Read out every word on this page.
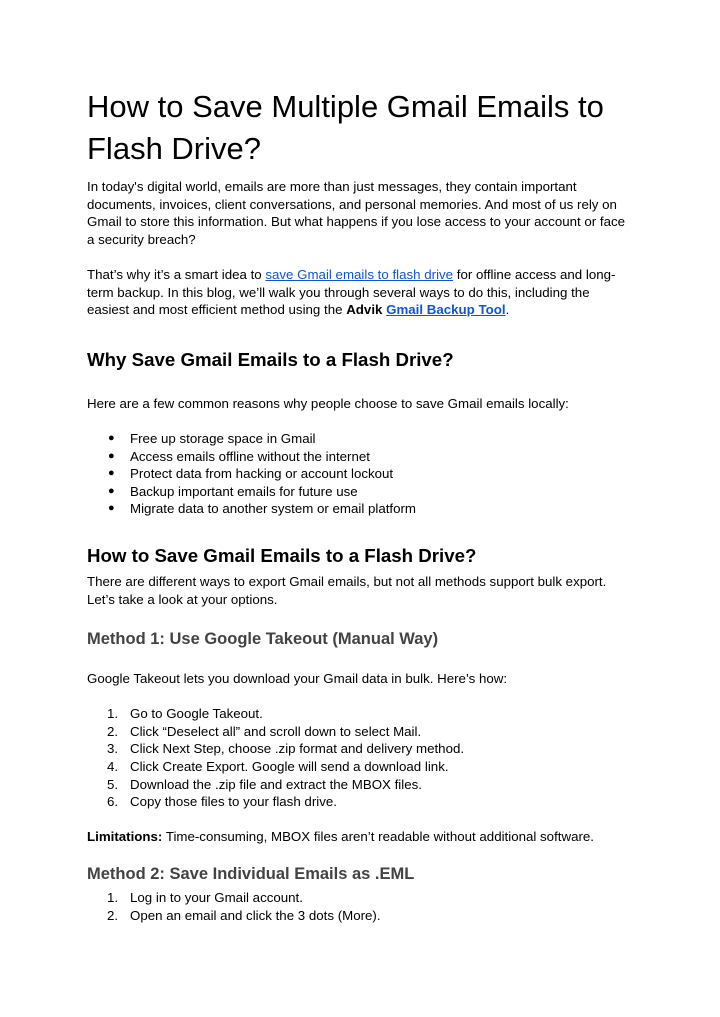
How to Save Multiple Gmail Emails to Flash Drive?

In today's digital world, emails are more than just messages, they contain important documents, invoices, client conversations, and personal memories. And most of us rely on Gmail to store this information. But what happens if you lose access to your account or face a security breach?

That’s why it’s a smart idea to save Gmail emails to flash drive for offline access and long-term backup. In this blog, we’ll walk you through several ways to do this, including the easiest and most efficient method using the Advik Gmail Backup Tool.

Why Save Gmail Emails to a Flash Drive?

Here are a few common reasons why people choose to save Gmail emails locally:

● Free up storage space in Gmail
● Access emails offline without the internet
● Protect data from hacking or account lockout
● Backup important emails for future use
● Migrate data to another system or email platform
How to Save Gmail Emails to a Flash Drive?

There are different ways to export Gmail emails, but not all methods support bulk export. Let’s take a look at your options.

Method 1: Use Google Takeout (Manual Way)

Google Takeout lets you download your Gmail data in bulk. Here’s how:

1. Go to Google Takeout.
2. Click “Deselect all” and scroll down to select Mail.
3. Click Next Step, choose .zip format and delivery method.
4. Click Create Export. Google will send a download link.
5. Download the .zip file and extract the MBOX files.
6. Copy those files to your flash drive.

Limitations: Time-consuming, MBOX files aren’t readable without additional software.

Method 2: Save Individual Emails as .EML
1. Log in to your Gmail account.
2. Open an email and click the 3 dots (More).
